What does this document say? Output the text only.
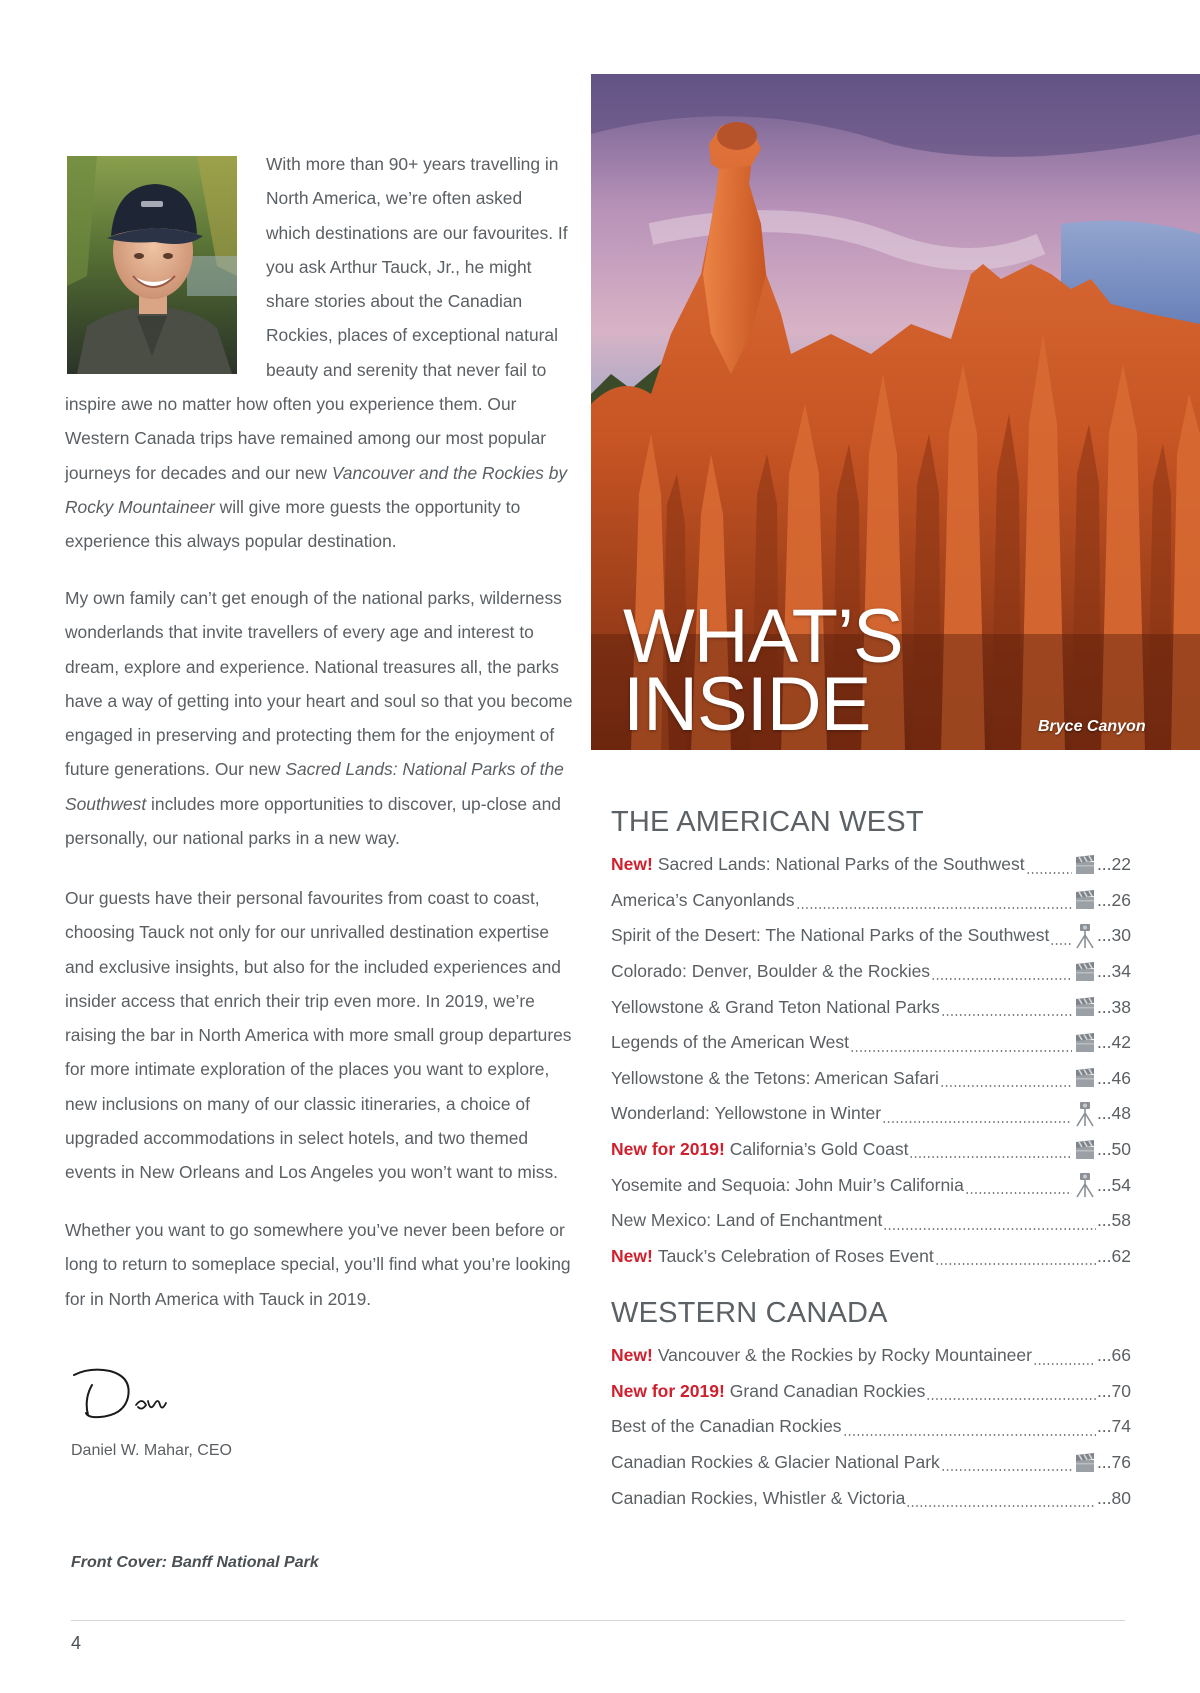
With more than 90+ years travelling in North America, we’re often asked which destinations are our favourites. If you ask Arthur Tauck, Jr., he might share stories about the Canadian Rockies, places of exceptional natural beauty and serenity that never fail to inspire awe no matter how often you experience them. Our Western Canada trips have remained among our most popular journeys for decades and our new Vancouver and the Rockies by Rocky Mountaineer will give more guests the opportunity to experience this always popular destination.
My own family can’t get enough of the national parks, wilderness wonderlands that invite travellers of every age and interest to dream, explore and experience. National treasures all, the parks have a way of getting into your heart and soul so that you become engaged in preserving and protecting them for the enjoyment of future generations. Our new Sacred Lands: National Parks of the Southwest includes more opportunities to discover, up-close and personally, our national parks in a new way.
Our guests have their personal favourites from coast to coast, choosing Tauck not only for our unrivalled destination expertise and exclusive insights, but also for the included experiences and insider access that enrich their trip even more. In 2019, we’re raising the bar in North America with more small group departures for more intimate exploration of the places you want to explore, new inclusions on many of our classic itineraries, a choice of upgraded accommodations in select hotels, and two themed events in New Orleans and Los Angeles you won’t want to miss.
Whether you want to go somewhere you’ve never been before or long to return to someplace special, you’ll find what you’re looking for in North America with Tauck in 2019.
Daniel W. Mahar, CEO
Front Cover: Banff National Park
4
WHAT’S
INSIDE	Bryce Canyon
THE AMERICAN WEST
New! Sacred Lands: National Parks of the Southwest	... 22
America’s Canyonlands	... 26
Spirit of the Desert: The National Parks of the Southwest	... 30
Colorado: Denver, Boulder & the Rockies	... 34
Yellowstone & Grand Teton National Parks	... 38
Legends of the American West	... 42
Yellowstone & the Tetons: American Safari	... 46
Wonderland: Yellowstone in Winter	... 48
New for 2019! California’s Gold Coast	... 50
Yosemite and Sequoia: John Muir’s California	... 54
New Mexico: Land of Enchantment	... 58
New! Tauck’s Celebration of Roses Event	... 62
WESTERN CANADA
New! Vancouver & the Rockies by Rocky Mountaineer	... 66
New for 2019! Grand Canadian Rockies	... 70
Best of the Canadian Rockies	... 74
Canadian Rockies & Glacier National Park	... 76
Canadian Rockies, Whistler & Victoria	... 80
